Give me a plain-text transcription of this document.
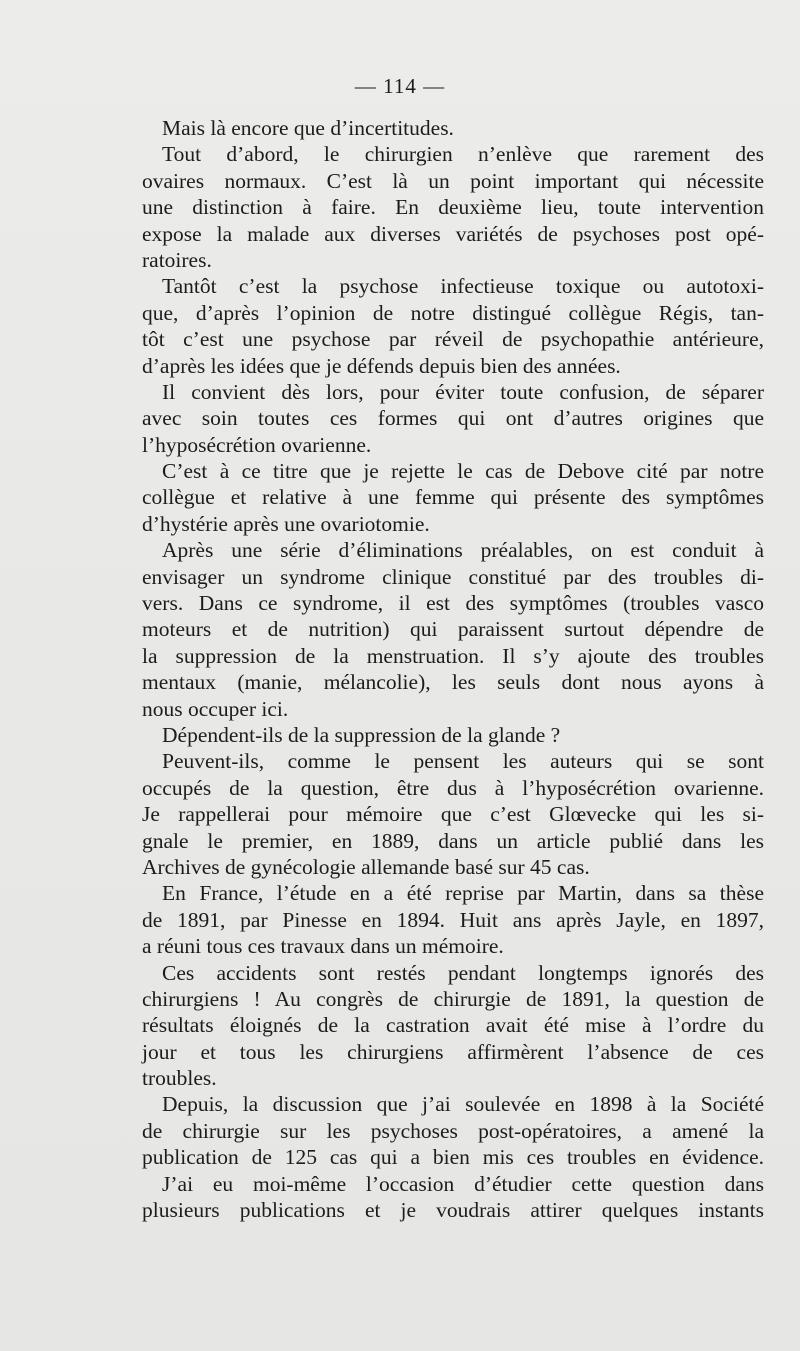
— 114 —
Mais là encore que d’incertitudes.
Tout d’abord, le chirurgien n’enlève que rarement des
ovaires normaux. C’est là un point important qui nécessite
une distinction à faire. En deuxième lieu, toute intervention
expose la malade aux diverses variétés de psychoses post opé-
ratoires.
Tantôt c’est la psychose infectieuse toxique ou autotoxi-
que, d’après l’opinion de notre distingué collègue Régis, tan-
tôt c’est une psychose par réveil de psychopathie antérieure,
d’après les idées que je défends depuis bien des années.
Il convient dès lors, pour éviter toute confusion, de séparer
avec soin toutes ces formes qui ont d’autres origines que
l’hyposécrétion ovarienne.
C’est à ce titre que je rejette le cas de Debove cité par notre
collègue et relative à une femme qui présente des symptômes
d’hystérie après une ovariotomie.
Après une série d’éliminations préalables, on est conduit à
envisager un syndrome clinique constitué par des troubles di-
vers. Dans ce syndrome, il est des symptômes (troubles vasco
moteurs et de nutrition) qui paraissent surtout dépendre de
la suppression de la menstruation. Il s’y ajoute des troubles
mentaux (manie, mélancolie), les seuls dont nous ayons à
nous occuper ici.
Dépendent-ils de la suppression de la glande ?
Peuvent-ils, comme le pensent les auteurs qui se sont
occupés de la question, être dus à l’hyposécrétion ovarienne.
Je rappellerai pour mémoire que c’est Glœvecke qui les si-
gnale le premier, en 1889, dans un article publié dans les
Archives de gynécologie allemande basé sur 45 cas.
En France, l’étude en a été reprise par Martin, dans sa thèse
de 1891, par Pinesse en 1894. Huit ans après Jayle, en 1897,
a réuni tous ces travaux dans un mémoire.
Ces accidents sont restés pendant longtemps ignorés des
chirurgiens ! Au congrès de chirurgie de 1891, la question de
résultats éloignés de la castration avait été mise à l’ordre du
jour et tous les chirurgiens affirmèrent l’absence de ces
troubles.
Depuis, la discussion que j’ai soulevée en 1898 à la Société
de chirurgie sur les psychoses post-opératoires, a amené la
publication de 125 cas qui a bien mis ces troubles en évidence.
J’ai eu moi-même l’occasion d’étudier cette question dans
plusieurs publications et je voudrais attirer quelques instants
